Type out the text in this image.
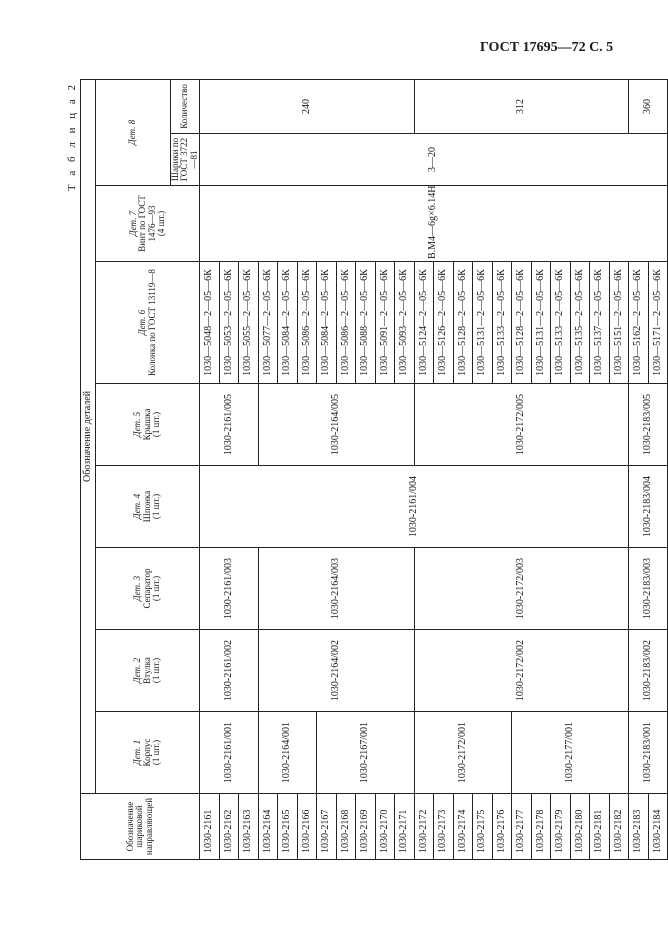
ГОСТ 17695—72 С. 5
Т а б л и ц а 2
Обозначение шариковой направляющей	Обозначение деталей								
	Дет. 1
Корпус
(1 шт.)	Дет. 2
Втулка
(1 шт.)	Дет. 3
Сепаратор
(1 шт.)	Дет. 4
Шпонка
(1 шт.)	Дет. 5
Крышка
(1 шт.)	Дет. 6
Колонка по ГОСТ 13119—8	Дет. 7
Винт по ГОСТ 1476—93
(4 шт.)	Дет. 8	
								Шарики по ГОСТ 3722—81	Количество
1030-2161	1030-2161/001	1030-2161/002	1030-2161/003	1030-2161/004	1030-2161/005	1030—5048—2—05—6К	В.М4—6g×6.14Н	3—20	240
1030-2162						1030—5053—2—05—6К			
1030-2163						1030—5055—2—05—6К			
1030-2164	1030-2164/001	1030-2164/002	1030-2164/003		1030-2164/005	1030—5077—2—05—6К			
1030-2165						1030—5084—2—05—6К			
1030-2166						1030—5086—2—05—6К			
1030-2167	1030-2167/001					1030—5084—2—05—6К			
1030-2168						1030—5086—2—05—6К			
1030-2169						1030—5088—2—05—6К			
1030-2170						1030—5091—2—05—6К			
1030-2171						1030—5093—2—05—6К			
1030-2172	1030-2172/001	1030-2172/002	1030-2172/003		1030-2172/005	1030—5124—2—05—6К			312
1030-2173						1030—5126—2—05—6К			
1030-2174						1030—5128—2—05—6К			
1030-2175						1030—5131—2—05—6К			
1030-2176						1030—5133—2—05—6К			
1030-2177	1030-2177/001					1030—5128—2—05—6К			
1030-2178						1030—5131—2—05—6К			
1030-2179						1030—5133—2—05—6К			
1030-2180						1030—5135—2—05—6К			
1030-2181						1030—5137—2—05—6К			
1030-2182						1030—5151—2—05—6К			
1030-2183	1030-2183/001	1030-2183/002	1030-2183/003	1030-2183/004	1030-2183/005	1030—5162—2—05—6К			360
1030-2184						1030—5171—2—05—6К			
